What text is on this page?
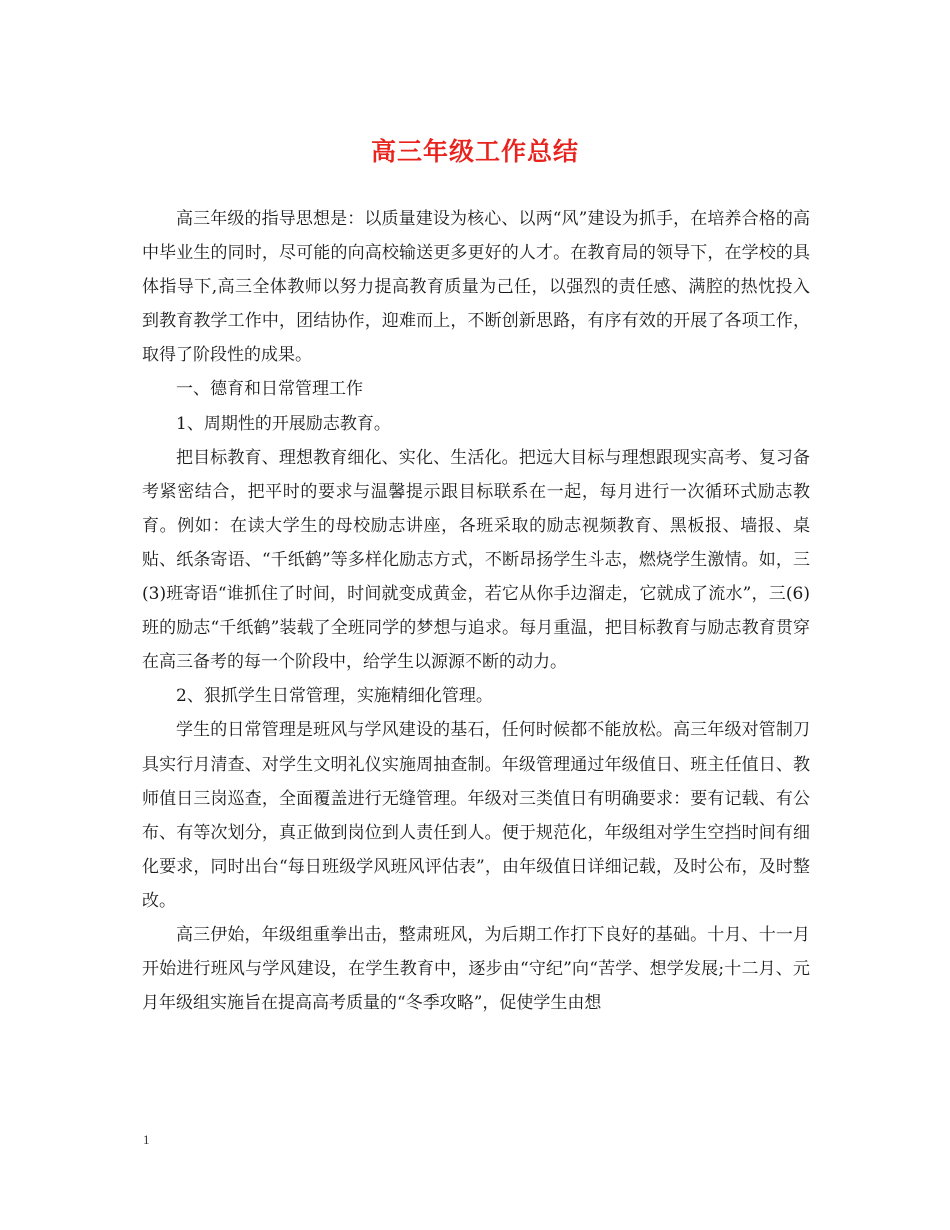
高三年级工作总结

高三年级的指导思想是：以质量建设为核心、以两“风”建设为抓手，在培养合格的高中毕业生的同时，尽可能的向高校输送更多更好的人才。在教育局的领导下，在学校的具体指导下,高三全体教师以努力提高教育质量为己任，以强烈的责任感、满腔的热忱投入到教育教学工作中，团结协作，迎难而上，不断创新思路，有序有效的开展了各项工作，取得了阶段性的成果。

一、德育和日常管理工作

1、周期性的开展励志教育。

把目标教育、理想教育细化、实化、生活化。把远大目标与理想跟现实高考、复习备考紧密结合，把平时的要求与温馨提示跟目标联系在一起，每月进行一次循环式励志教育。例如：在读大学生的母校励志讲座，各班采取的励志视频教育、黑板报、墙报、桌贴、纸条寄语、“千纸鹤”等多样化励志方式，不断昂扬学生斗志，燃烧学生激情。如，三(3)班寄语“谁抓住了时间，时间就变成黄金，若它从你手边溜走，它就成了流水”，三(6)班的励志“千纸鹤”装载了全班同学的梦想与追求。每月重温，把目标教育与励志教育贯穿在高三备考的每一个阶段中，给学生以源源不断的动力。

2、狠抓学生日常管理，实施精细化管理。

学生的日常管理是班风与学风建设的基石，任何时候都不能放松。高三年级对管制刀具实行月清查、对学生文明礼仪实施周抽查制。年级管理通过年级值日、班主任值日、教师值日三岗巡查，全面覆盖进行无缝管理。年级对三类值日有明确要求：要有记载、有公布、有等次划分，真正做到岗位到人责任到人。便于规范化，年级组对学生空挡时间有细化要求，同时出台“每日班级学风班风评估表”，由年级值日详细记载，及时公布，及时整改。

高三伊始，年级组重拳出击，整肃班风，为后期工作打下良好的基础。十月、十一月开始进行班风与学风建设，在学生教育中，逐步由“守纪”向“苦学、想学发展;十二月、元月年级组实施旨在提高高考质量的“冬季攻略”，促使学生由想

1
